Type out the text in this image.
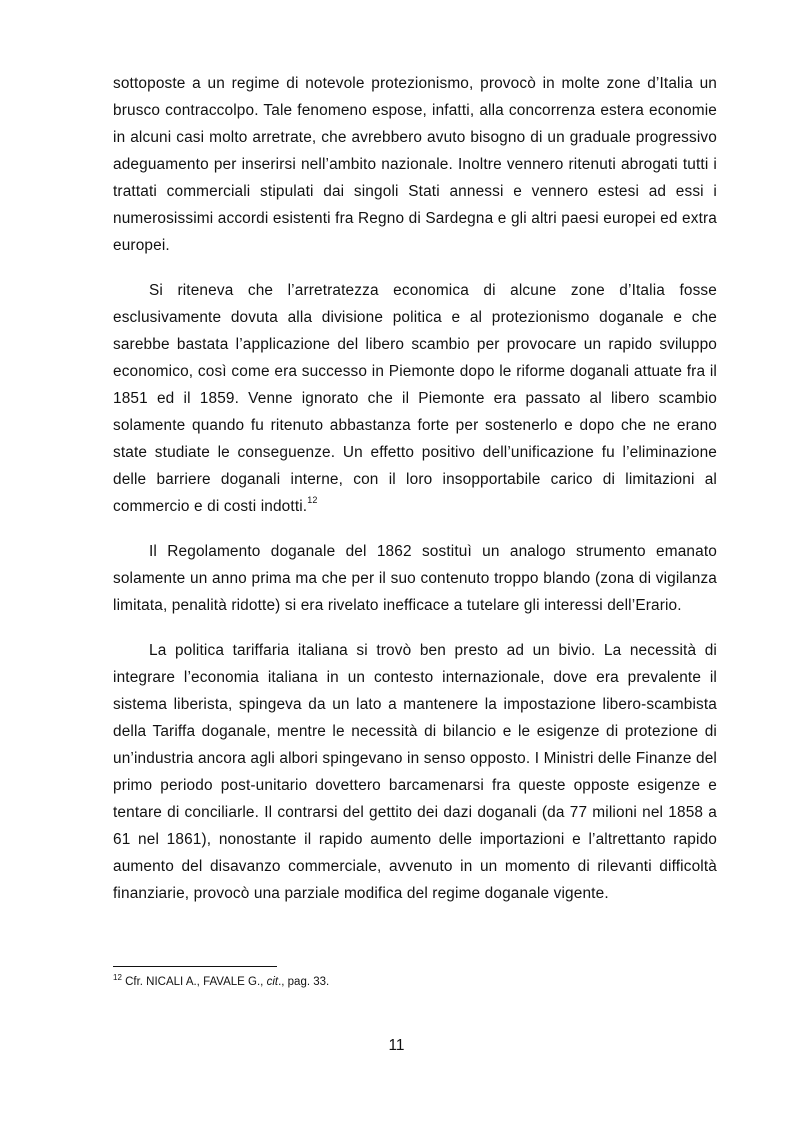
sottoposte a un regime di notevole protezionismo, provocò in molte zone d’Italia un brusco contraccolpo. Tale fenomeno espose, infatti, alla concorrenza estera economie in alcuni casi molto arretrate, che avrebbero avuto bisogno di un graduale progressivo adeguamento per inserirsi nell’ambito nazionale. Inoltre vennero ritenuti abrogati tutti i trattati commerciali stipulati dai singoli Stati annessi e vennero estesi ad essi i numerosissimi accordi esistenti fra Regno di Sardegna e gli altri paesi europei ed extra europei.

Si riteneva che l’arretratezza economica di alcune zone d’Italia fosse esclusivamente dovuta alla divisione politica e al protezionismo doganale e che sarebbe bastata l’applicazione del libero scambio per provocare un rapido sviluppo economico, così come era successo in Piemonte dopo le riforme doganali attuate fra il 1851 ed il 1859. Venne ignorato che il Piemonte era passato al libero scambio solamente quando fu ritenuto abbastanza forte per sostenerlo e dopo che ne erano state studiate le conseguenze. Un effetto positivo dell’unificazione fu l’eliminazione delle barriere doganali interne, con il loro insopportabile carico di limitazioni al commercio e di costi indotti.$^{12}$

Il Regolamento doganale del 1862 sostituì un analogo strumento emanato solamente un anno prima ma che per il suo contenuto troppo blando (zona di vigilanza limitata, penalità ridotte) si era rivelato inefficace a tutelare gli interessi dell’Erario.

La politica tariffaria italiana si trovò ben presto ad un bivio. La necessità di integrare l’economia italiana in un contesto internazionale, dove era prevalente il sistema liberista, spingeva da un lato a mantenere la impostazione libero-scambista della Tariffa doganale, mentre le necessità di bilancio e le esigenze di protezione di un’industria ancora agli albori spingevano in senso opposto. I Ministri delle Finanze del primo periodo post-unitario dovettero barcamenarsi fra queste opposte esigenze e tentare di conciliarle. Il contrarsi del gettito dei dazi doganali (da 77 milioni nel 1858 a 61 nel 1861), nonostante il rapido aumento delle importazioni e l’altrettanto rapido aumento del disavanzo commerciale, avvenuto in un momento di rilevanti difficoltà finanziarie, provocò una parziale modifica del regime doganale vigente.

$^{12}$ Cfr. NICALI A., FAVALE G., cit., pag. 33.

11
